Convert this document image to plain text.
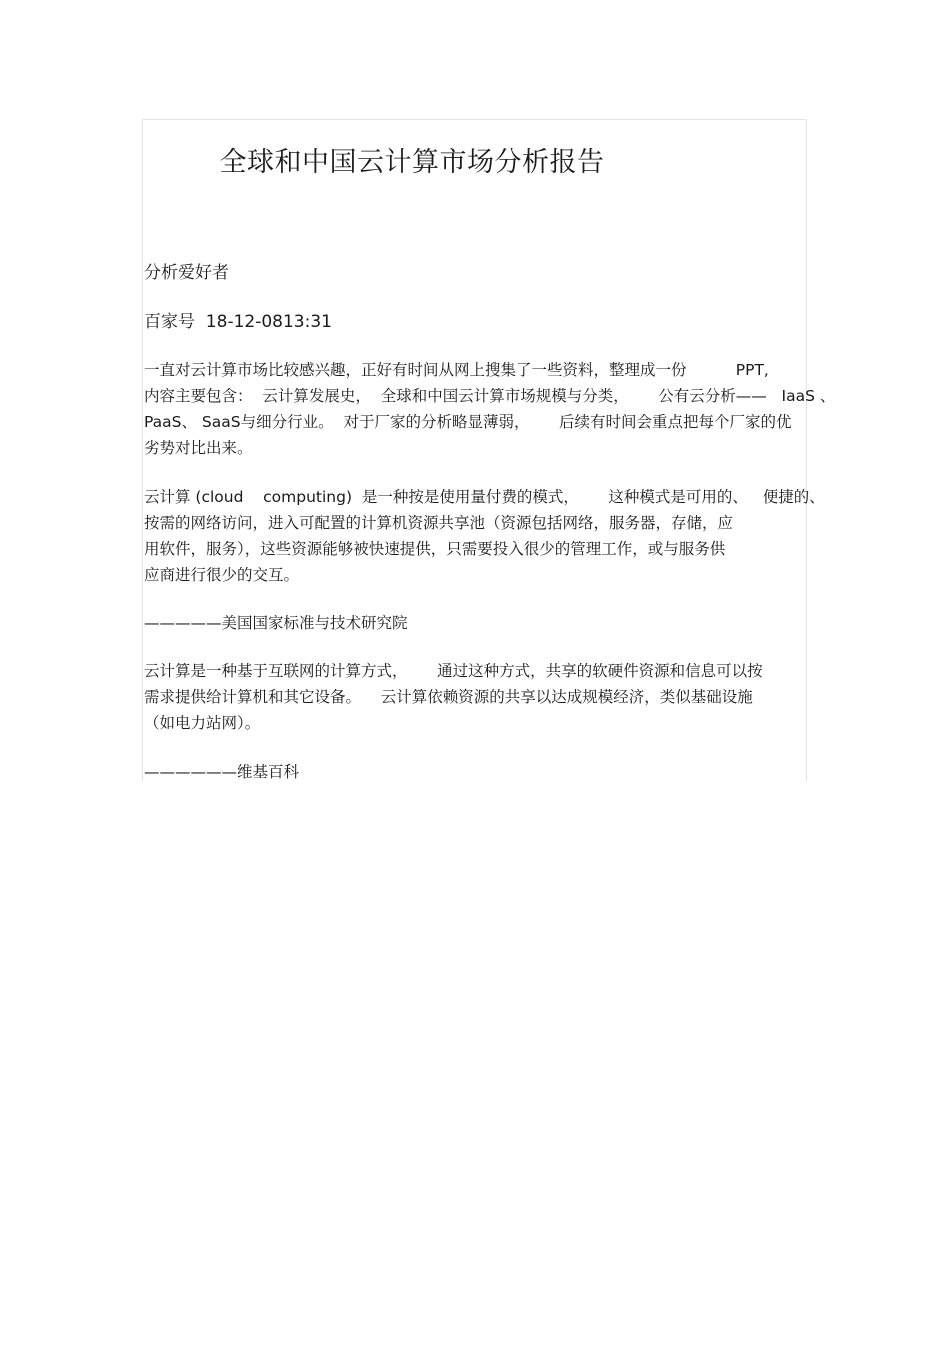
全球和中国云计算市场分析报告

分析爱好者

百家号  18-12-0813:31

一直对云计算市场比较感兴趣，正好有时间从网上搜集了一些资料，整理成一份          PPT,

内容主要包含：  云计算发展史，  全球和中国云计算市场规模与分类，      公有云分析——   IaaS 、

PaaS、 SaaS与细分行业。  对于厂家的分析略显薄弱，      后续有时间会重点把每个厂家的优

劣势对比出来。

云计算 (cloud    computing)  是一种按是使用量付费的模式，      这种模式是可用的、   便捷的、

按需的网络访问，进入可配置的计算机资源共享池（资源包括网络，服务器，存储，应

用软件，服务），这些资源能够被快速提供，只需要投入很少的管理工作，或与服务供

应商进行很少的交互。

—————美国国家标准与技术研究院

云计算是一种基于互联网的计算方式，      通过这种方式，共享的软硬件资源和信息可以按

需求提供给计算机和其它设备。    云计算依赖资源的共享以达成规模经济，类似基础设施

（如电力站网）。

——————维基百科
